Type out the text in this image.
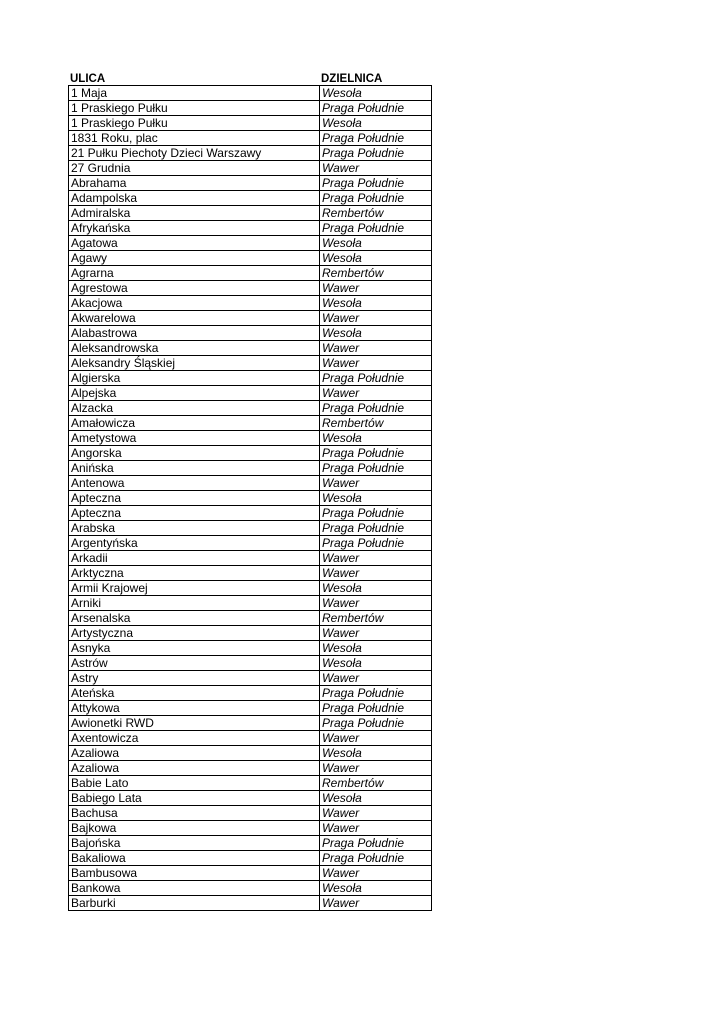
ULICA	DZIELNICA
1 Maja	Wesoła
1 Praskiego Pułku	Praga Południe
1 Praskiego Pułku	Wesoła
1831 Roku, plac	Praga Południe
21 Pułku Piechoty Dzieci Warszawy	Praga Południe
27 Grudnia	Wawer
Abrahama	Praga Południe
Adampolska	Praga Południe
Admiralska	Rembertów
Afrykańska	Praga Południe
Agatowa	Wesoła
Agawy	Wesoła
Agrarna	Rembertów
Agrestowa	Wawer
Akacjowa	Wesoła
Akwarelowa	Wawer
Alabastrowa	Wesoła
Aleksandrowska	Wawer
Aleksandry Śląskiej	Wawer
Algierska	Praga Południe
Alpejska	Wawer
Alzacka	Praga Południe
Amałowicza	Rembertów
Ametystowa	Wesoła
Angorska	Praga Południe
Anińska	Praga Południe
Antenowa	Wawer
Apteczna	Wesoła
Apteczna	Praga Południe
Arabska	Praga Południe
Argentyńska	Praga Południe
Arkadii	Wawer
Arktyczna	Wawer
Armii Krajowej	Wesoła
Arniki	Wawer
Arsenalska	Rembertów
Artystyczna	Wawer
Asnyka	Wesoła
Astrów	Wesoła
Astry	Wawer
Ateńska	Praga Południe
Attykowa	Praga Południe
Awionetki RWD	Praga Południe
Axentowicza	Wawer
Azaliowa	Wesoła
Azaliowa	Wawer
Babie Lato	Rembertów
Babiego Lata	Wesoła
Bachusa	Wawer
Bajkowa	Wawer
Bajońska	Praga Południe
Bakaliowa	Praga Południe
Bambusowa	Wawer
Bankowa	Wesoła
Barburki	Wawer
